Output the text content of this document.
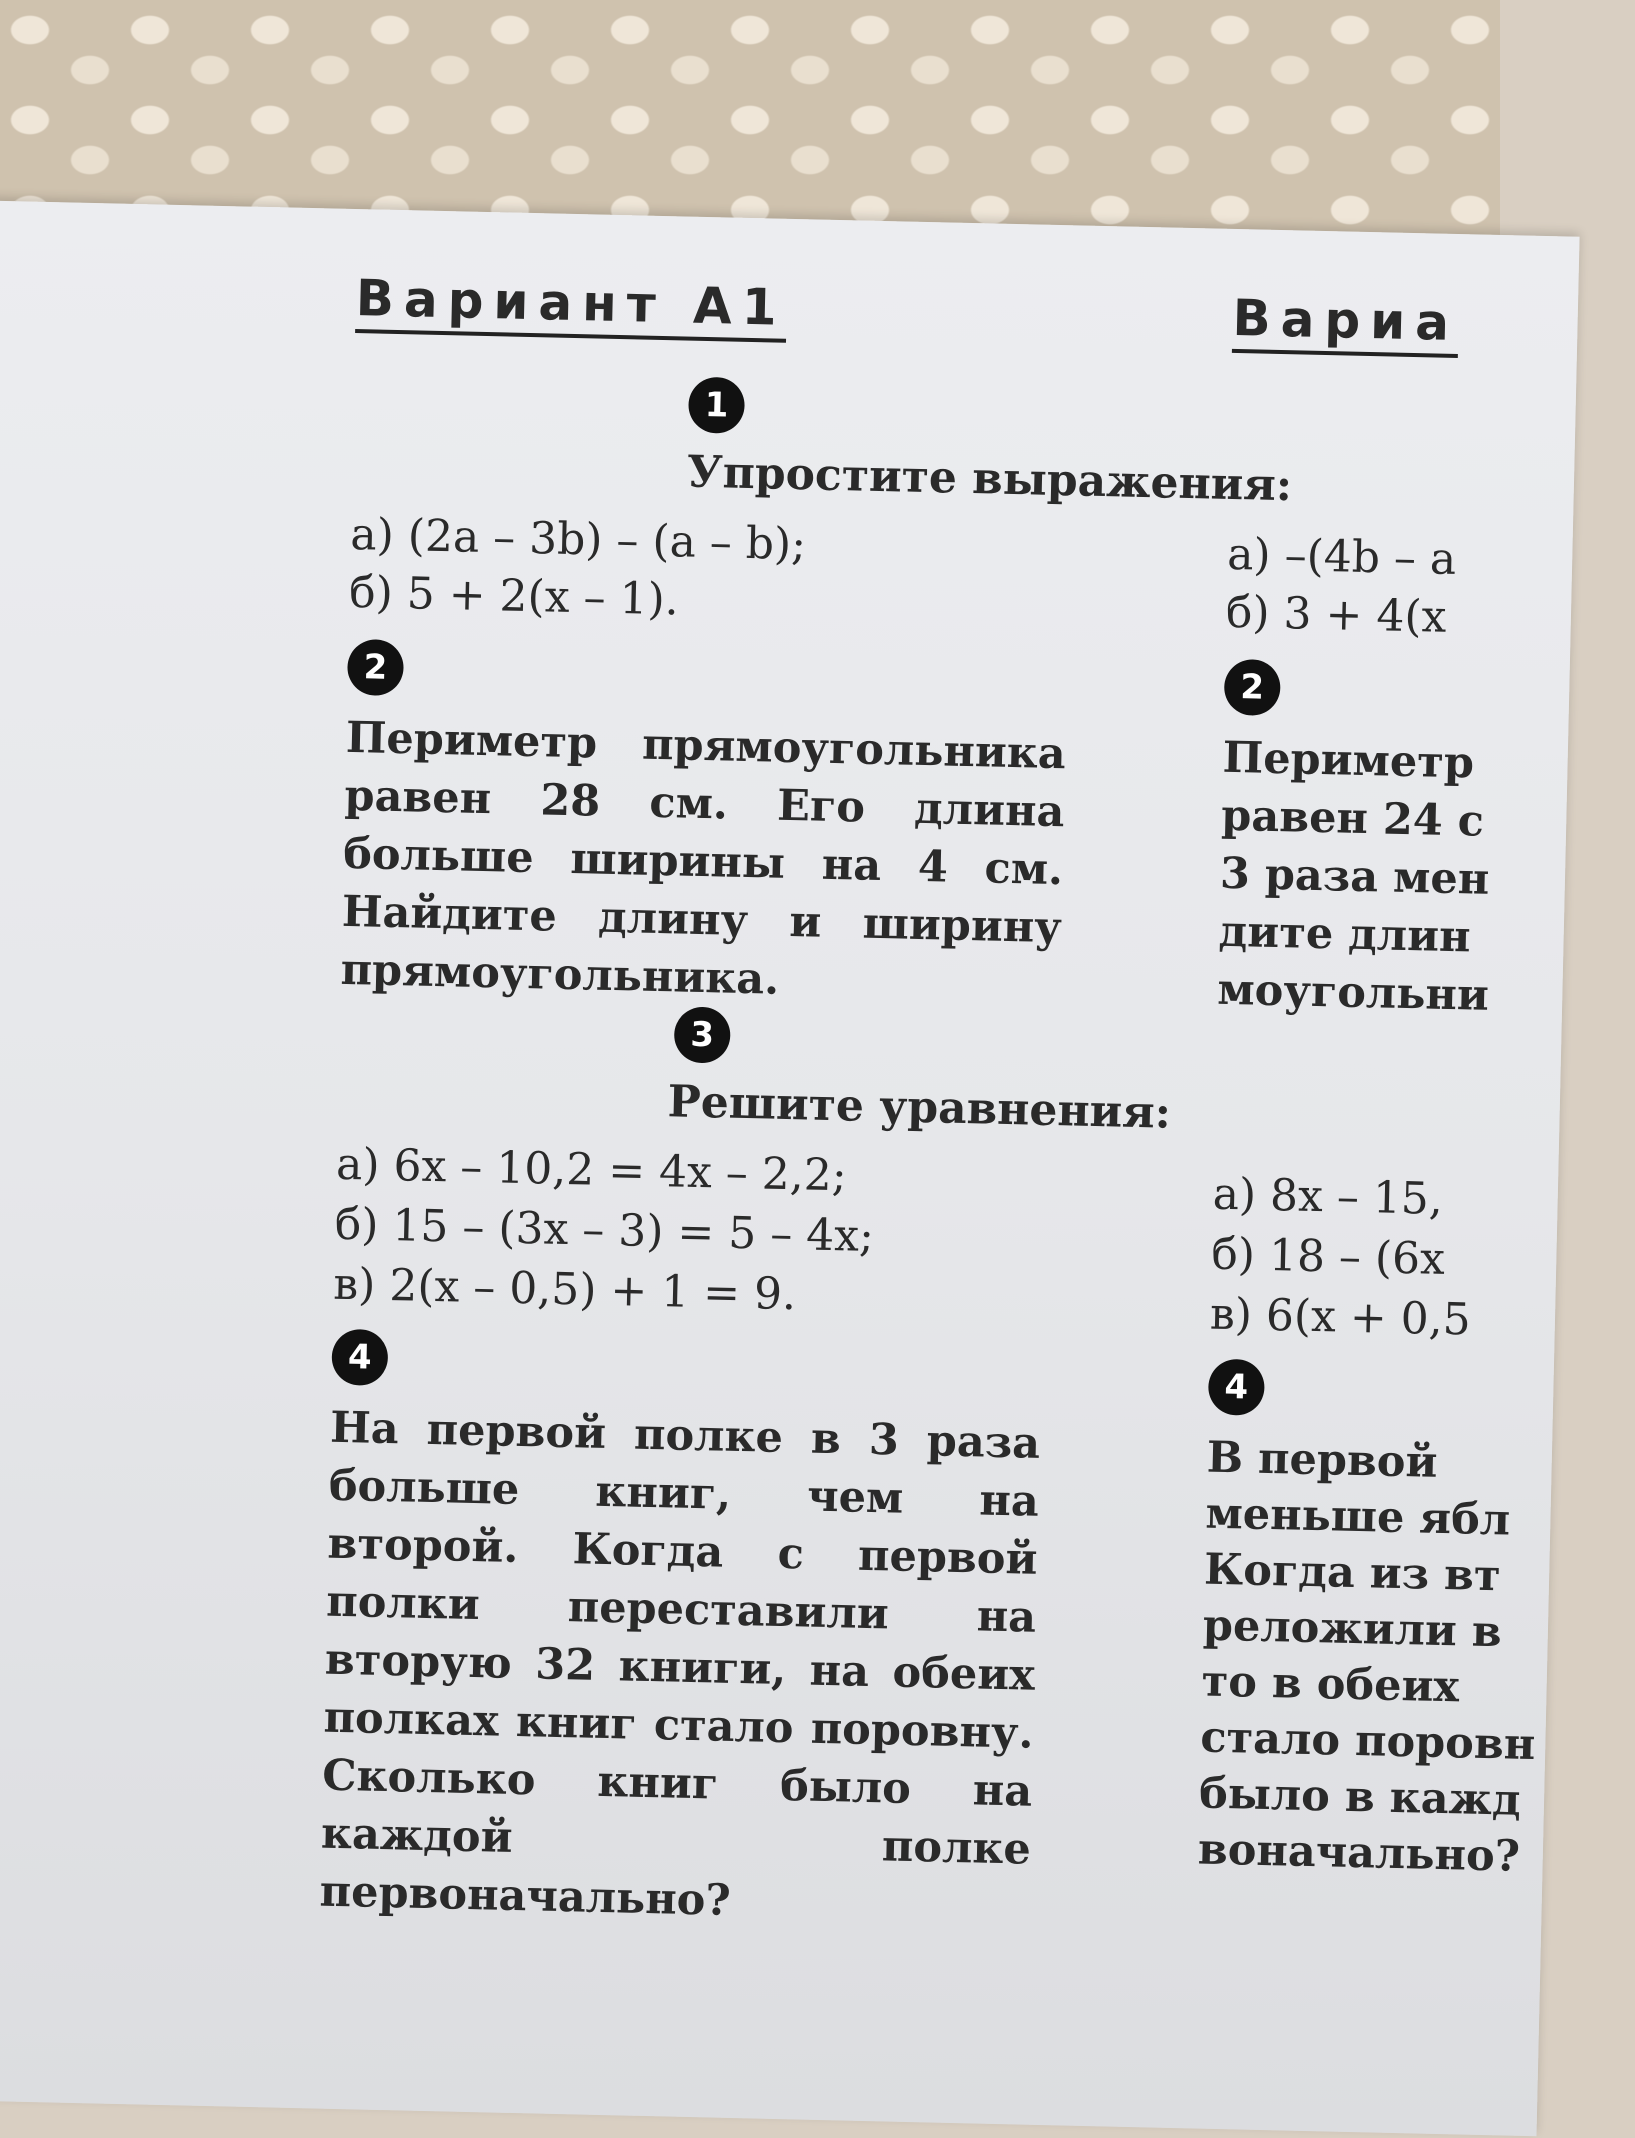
Вариант А1
1
Упростите выражения:
а) (2a – 3b) – (a – b);
б) 5 + 2(x – 1).
2
Периметр прямоугольника равен 28 см. Его длина больше ширины на 4 см. Найдите длину и ширину прямоугольника.
3
Решите уравнения:
а) 6x – 10,2 = 4x – 2,2;
б) 15 – (3x – 3) = 5 – 4x;
в) 2(x – 0,5) + 1 = 9.
4
На первой полке в 3 раза больше книг, чем на второй. Когда с первой полки переставили на вторую 32 книги, на обеих полках книг стало поровну. Сколько книг было на каждой полке первоначально?
Вариа
а) –(4b – a
б) 3 + 4(x
2
Периметр
равен 24 с
3 раза мен
дите длин
моугольни
а) 8x – 15,
б) 18 – (6x
в) 6(x + 0,5
4
В первой
меньше ябл
Когда из вт
реложили в
то в обеих
стало поровн
было в кажд
воначально?
